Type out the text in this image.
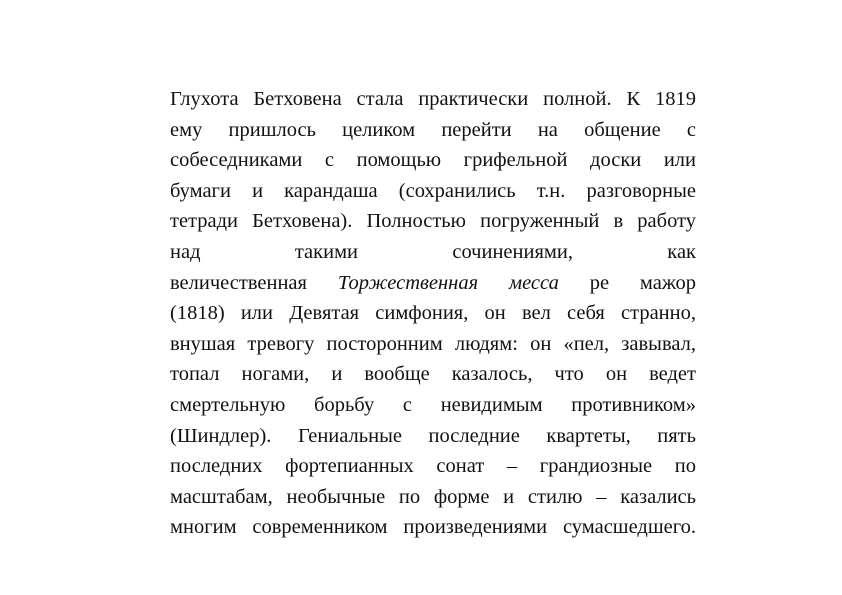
Глухота Бетховена стала практически полной. К 1819
ему пришлось целиком перейти на общение с
собеседниками с помощью грифельной доски или
бумаги и карандаша (сохранились т.н. разговорные
тетради Бетховена). Полностью погруженный в работу
над такими сочинениями, как
величественная Торжественная месса ре мажор
(1818) или Девятая симфония, он вел себя странно,
внушая тревогу посторонним людям: он «пел, завывал,
топал ногами, и вообще казалось, что он ведет
смертельную борьбу с невидимым противником»
(Шиндлер). Гениальные последние квартеты, пять
последних фортепианных сонат – грандиозные по
масштабам, необычные по форме и стилю – казались
многим современником произведениями сумасшедшего.
